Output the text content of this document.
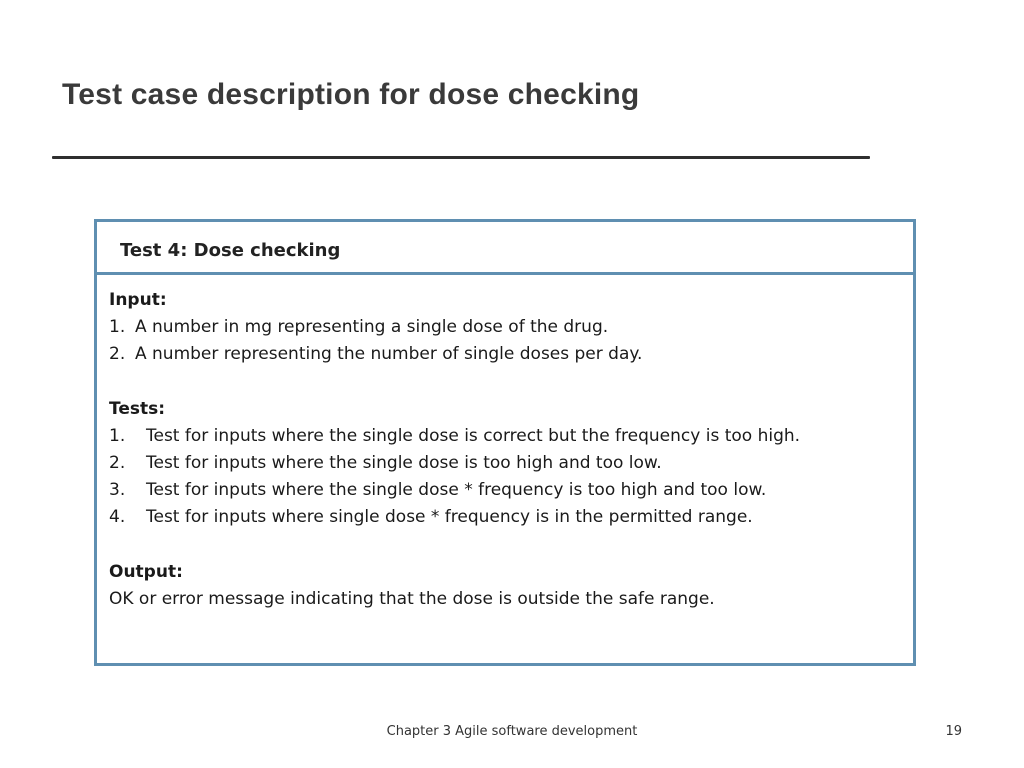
Test case description for dose checking
Test 4: Dose checking

Input:

1. A number in mg representing a single dose of the drug.

2. A number representing the number of single doses per day.

Tests:

1. Test for inputs where the single dose is correct but the frequency is too high.

2. Test for inputs where the single dose is too high and too low.

3. Test for inputs where the single dose * frequency is too high and too low.

4. Test for inputs where single dose * frequency is in the permitted range.

Output:

OK or error message indicating that the dose is outside the safe range.

Chapter 3 Agile software development	19
